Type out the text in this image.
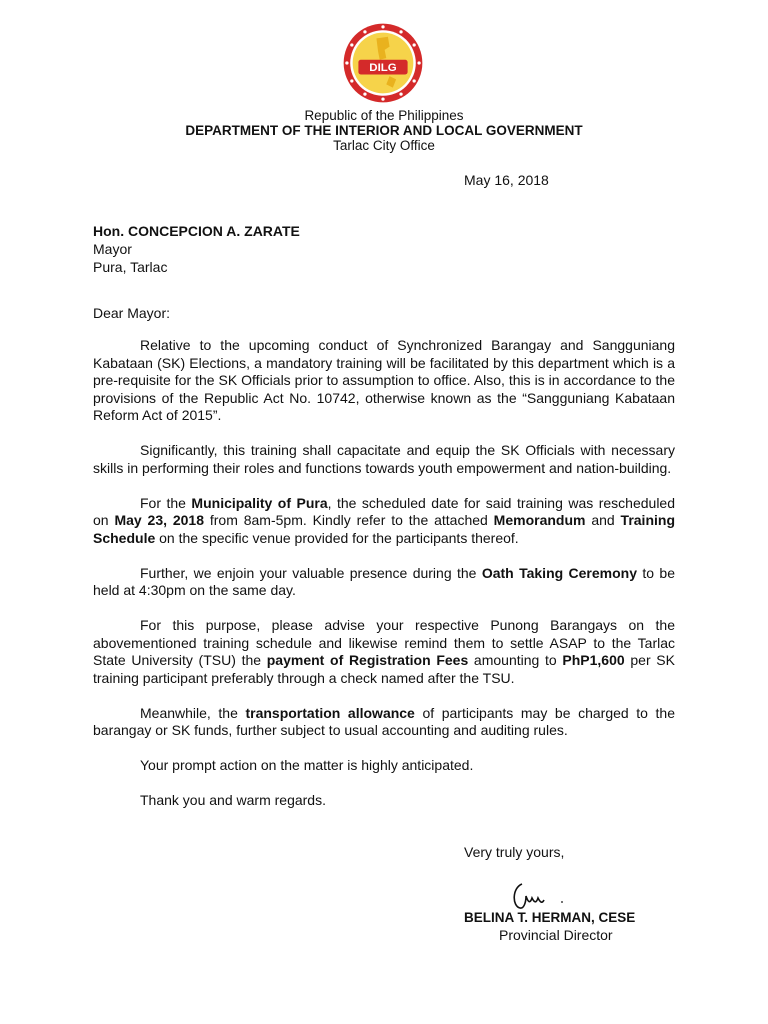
DILG
Republic of the Philippines
DEPARTMENT OF THE INTERIOR AND LOCAL GOVERNMENT
Tarlac City Office
May 16, 2018
Hon. CONCEPCION A. ZARATE
Mayor
Pura, Tarlac
Dear Mayor:

Relative to the upcoming conduct of Synchronized Barangay and Sangguniang Kabataan (SK) Elections, a mandatory training will be facilitated by this department which is a pre-requisite for the SK Officials prior to assumption to office. Also, this is in accordance to the provisions of the Republic Act No. 10742, otherwise known as the “Sangguniang Kabataan Reform Act of 2015”.

Significantly, this training shall capacitate and equip the SK Officials with necessary skills in performing their roles and functions towards youth empowerment and nation-building.

For the Municipality of Pura, the scheduled date for said training was rescheduled on May 23, 2018 from 8am-5pm. Kindly refer to the attached Memorandum and Training Schedule on the specific venue provided for the participants thereof.

Further, we enjoin your valuable presence during the Oath Taking Ceremony to be held at 4:30pm on the same day.

For this purpose, please advise your respective Punong Barangays on the abovementioned training schedule and likewise remind them to settle ASAP to the Tarlac State University (TSU) the payment of Registration Fees amounting to PhP1,600 per SK training participant preferably through a check named after the TSU.

Meanwhile, the transportation allowance of participants may be charged to the barangay or SK funds, further subject to usual accounting and auditing rules.

Your prompt action on the matter is highly anticipated.

Thank you and warm regards.

Very truly yours,
BELINA T. HERMAN, CESE
Provincial Director
